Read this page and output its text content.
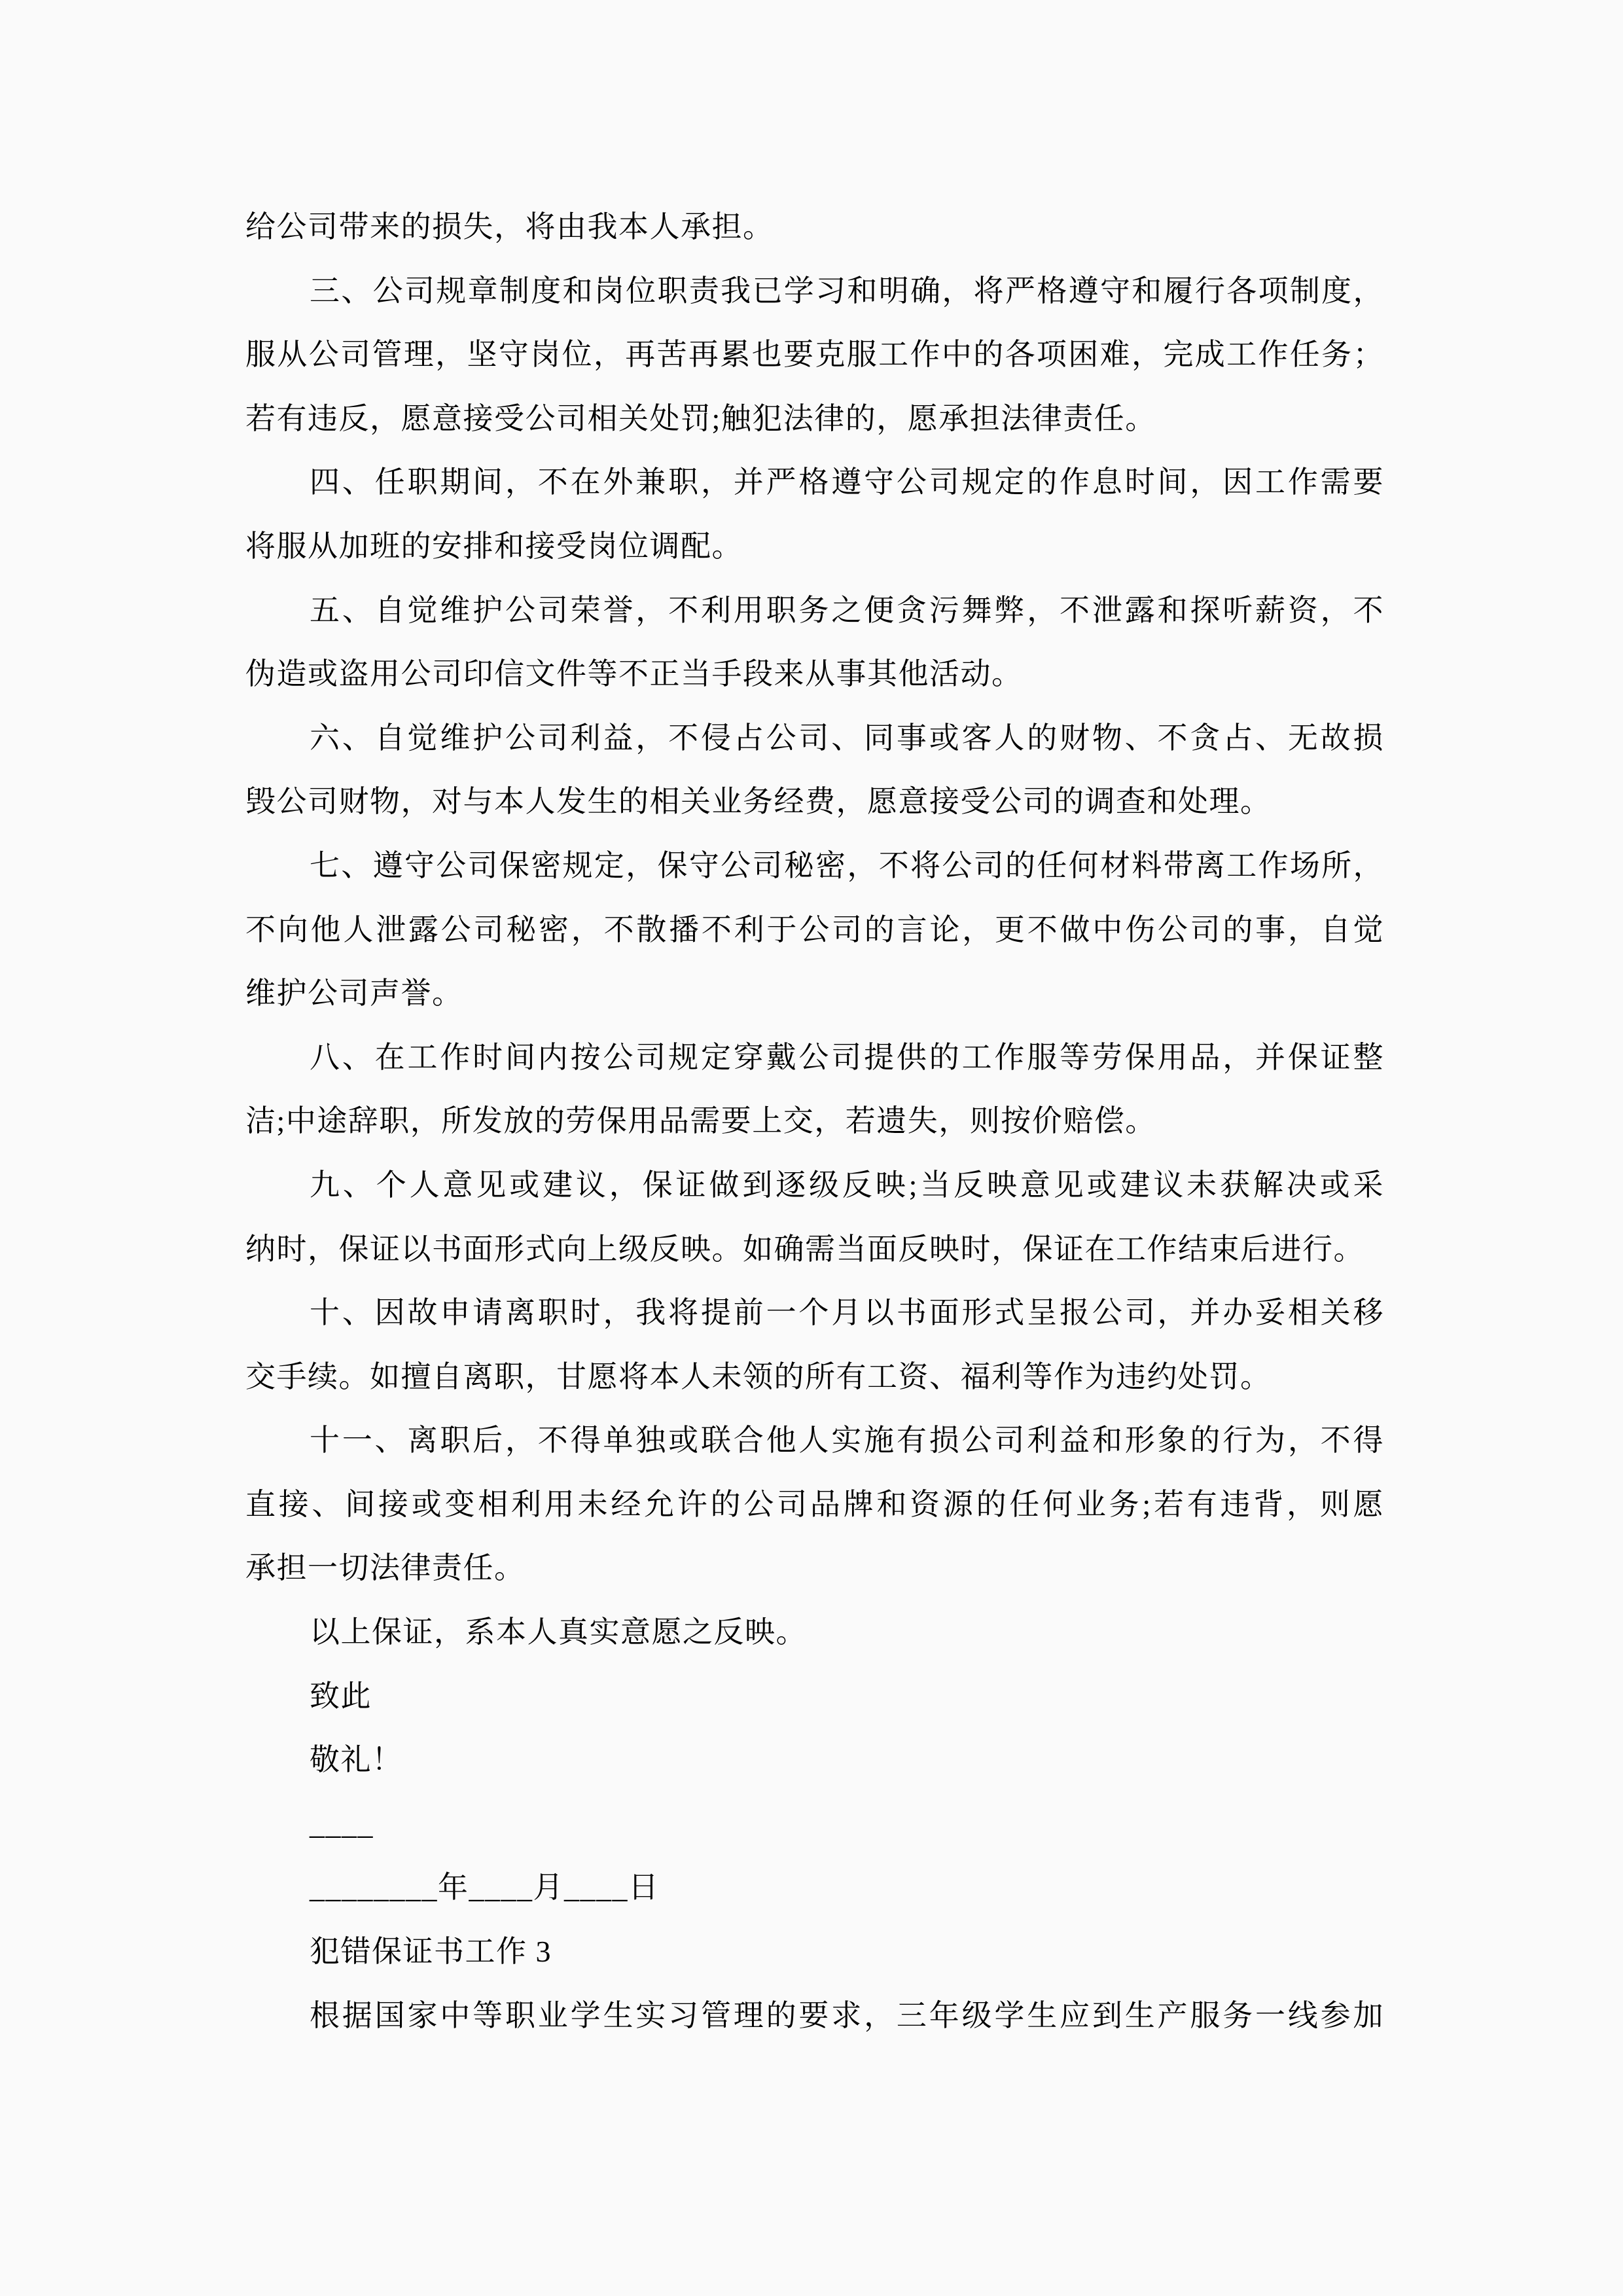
给公司带来的损失，将由我本人承担。
三、公司规章制度和岗位职责我已学习和明确，将严格遵守和履行各项制度，
服从公司管理，坚守岗位，再苦再累也要克服工作中的各项困难，完成工作任务；
若有违反，愿意接受公司相关处罚;触犯法律的，愿承担法律责任。
四、任职期间，不在外兼职，并严格遵守公司规定的作息时间，因工作需要
将服从加班的安排和接受岗位调配。
五、自觉维护公司荣誉，不利用职务之便贪污舞弊，不泄露和探听薪资，不
伪造或盗用公司印信文件等不正当手段来从事其他活动。
六、自觉维护公司利益，不侵占公司、同事或客人的财物、不贪占、无故损
毁公司财物，对与本人发生的相关业务经费，愿意接受公司的调查和处理。
七、遵守公司保密规定，保守公司秘密，不将公司的任何材料带离工作场所，
不向他人泄露公司秘密，不散播不利于公司的言论，更不做中伤公司的事，自觉
维护公司声誉。
八、在工作时间内按公司规定穿戴公司提供的工作服等劳保用品，并保证整
洁;中途辞职，所发放的劳保用品需要上交，若遗失，则按价赔偿。
九、个人意见或建议，保证做到逐级反映;当反映意见或建议未获解决或采
纳时，保证以书面形式向上级反映。如确需当面反映时，保证在工作结束后进行。
十、因故申请离职时，我将提前一个月以书面形式呈报公司，并办妥相关移
交手续。如擅自离职，甘愿将本人未领的所有工资、福利等作为违约处罚。
十一、离职后，不得单独或联合他人实施有损公司利益和形象的行为，不得
直接、间接或变相利用未经允许的公司品牌和资源的任何业务;若有违背，则愿
承担一切法律责任。
以上保证，系本人真实意愿之反映。
致此
敬礼！
____
________年____月____日
犯错保证书工作 3
根据国家中等职业学生实习管理的要求，三年级学生应到生产服务一线参加
